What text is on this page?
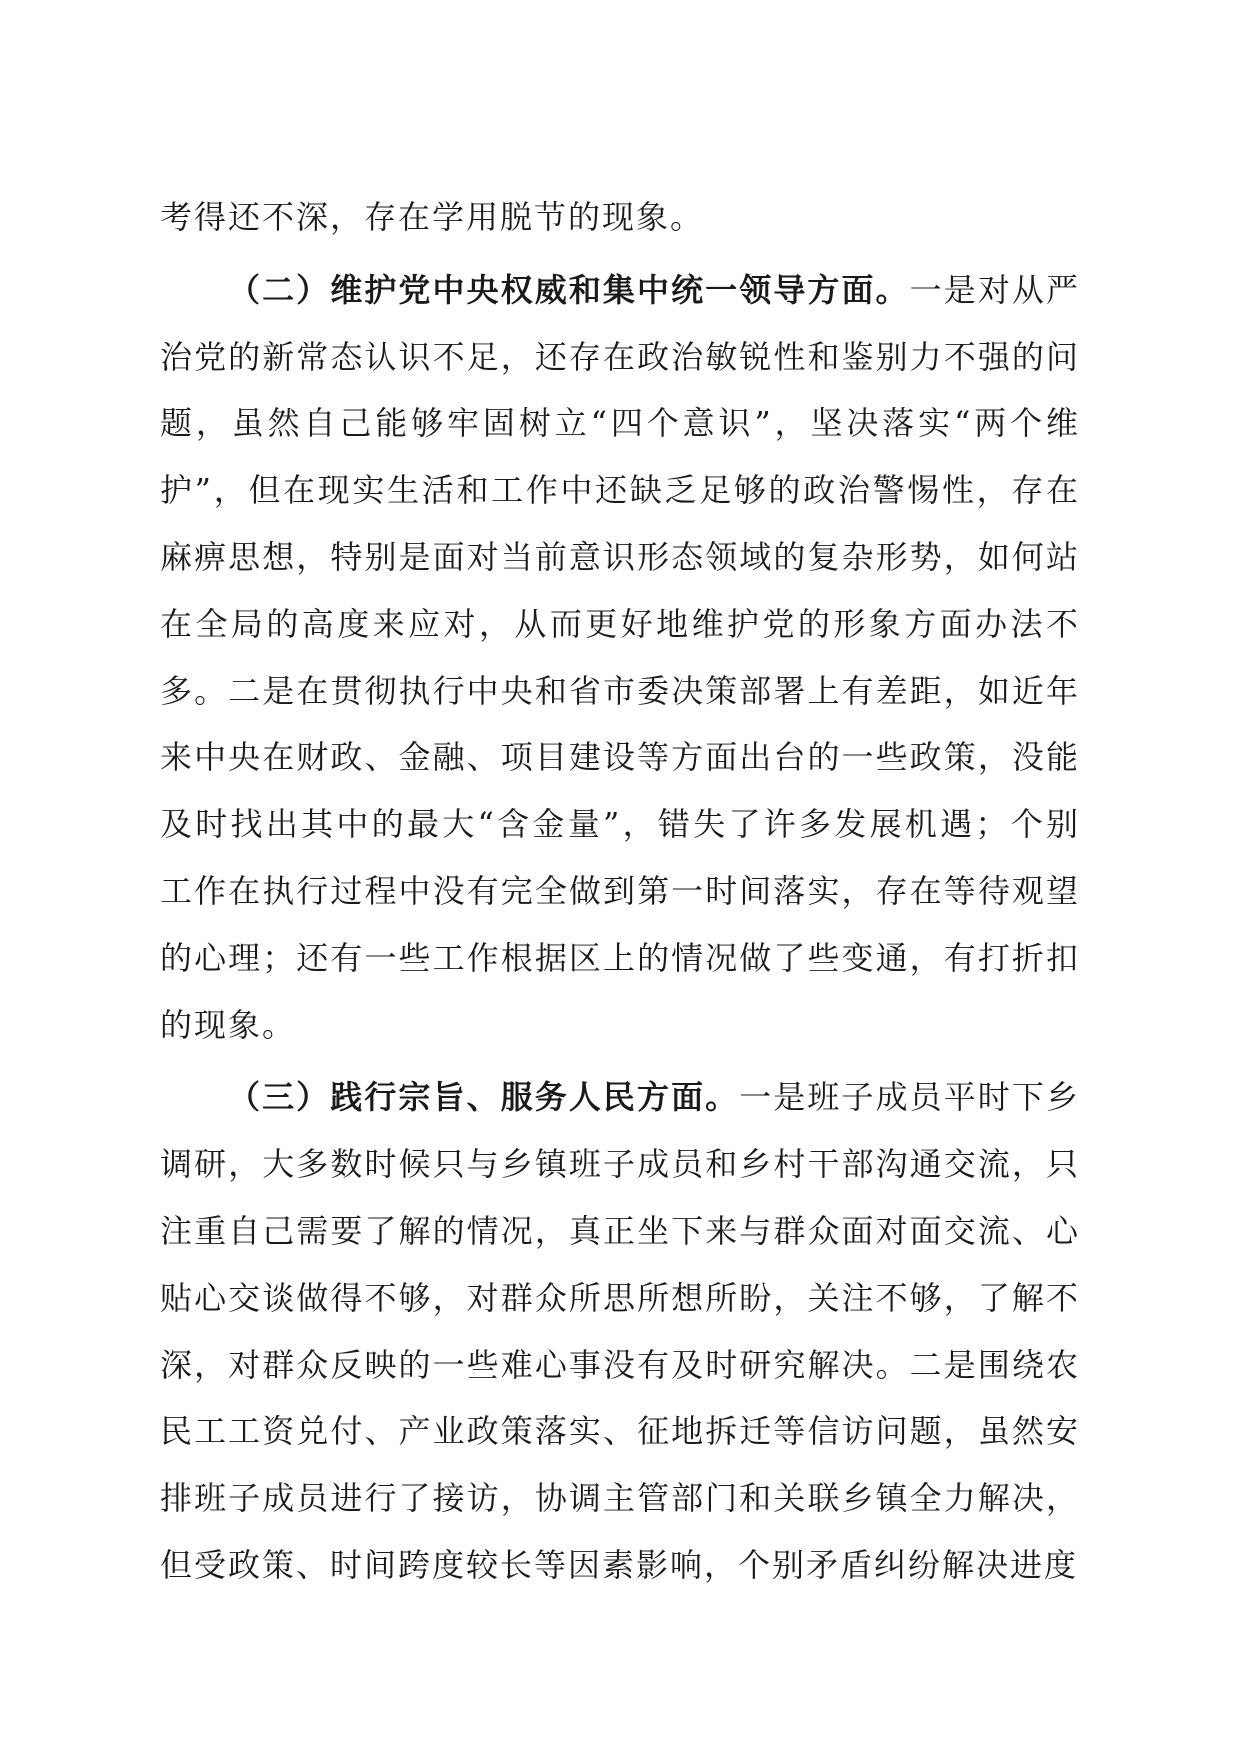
考得还不深，存在学用脱节的现象。

（二）维护党中央权威和集中统一领导方面。一是对从严治党的新常态认识不足，还存在政治敏锐性和鉴别力不强的问题，虽然自己能够牢固树立“四个意识”，坚决落实“两个维护”，但在现实生活和工作中还缺乏足够的政治警惕性，存在麻痹思想，特别是面对当前意识形态领域的复杂形势，如何站在全局的高度来应对，从而更好地维护党的形象方面办法不多。二是在贯彻执行中央和省市委决策部署上有差距，如近年来中央在财政、金融、项目建设等方面出台的一些政策，没能及时找出其中的最大“含金量”，错失了许多发展机遇；个别工作在执行过程中没有完全做到第一时间落实，存在等待观望的心理；还有一些工作根据区上的情况做了些变通，有打折扣的现象。

（三）践行宗旨、服务人民方面。一是班子成员平时下乡调研，大多数时候只与乡镇班子成员和乡村干部沟通交流，只注重自己需要了解的情况，真正坐下来与群众面对面交流、心贴心交谈做得不够，对群众所思所想所盼，关注不够，了解不深，对群众反映的一些难心事没有及时研究解决。二是围绕农民工工资兑付、产业政策落实、征地拆迁等信访问题，虽然安排班子成员进行了接访，协调主管部门和关联乡镇全力解决，但受政策、时间跨度较长等因素影响，个别矛盾纠纷解决进度
